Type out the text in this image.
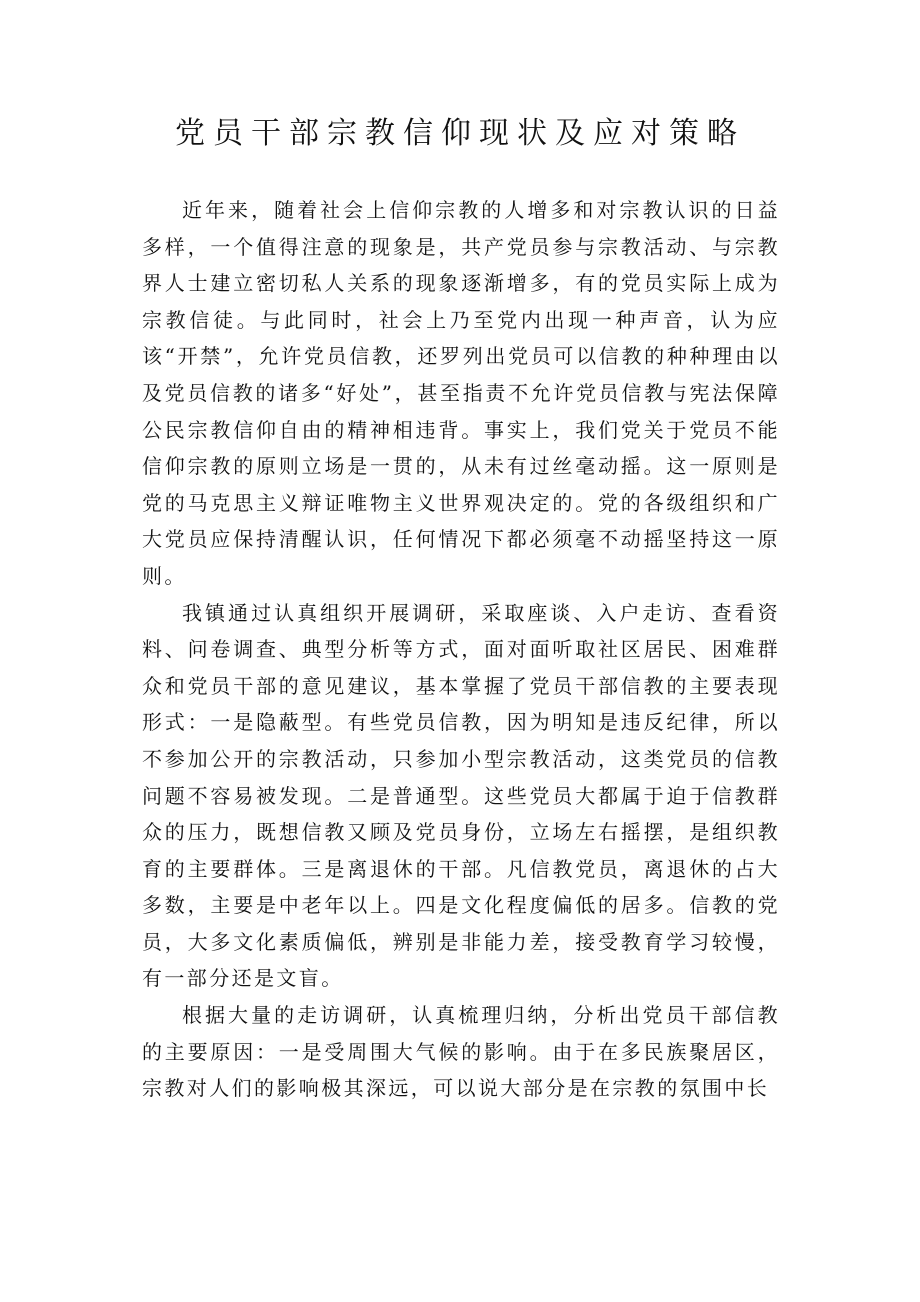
党员干部宗教信仰现状及应对策略

近年来，随着社会上信仰宗教的人增多和对宗教认识的日益多样，一个值得注意的现象是，共产党员参与宗教活动、与宗教界人士建立密切私人关系的现象逐渐增多，有的党员实际上成为宗教信徒。与此同时，社会上乃至党内出现一种声音，认为应该“开禁”，允许党员信教，还罗列出党员可以信教的种种理由以及党员信教的诸多“好处”，甚至指责不允许党员信教与宪法保障公民宗教信仰自由的精神相违背。事实上，我们党关于党员不能信仰宗教的原则立场是一贯的，从未有过丝毫动摇。这一原则是党的马克思主义辩证唯物主义世界观决定的。党的各级组织和广大党员应保持清醒认识，任何情况下都必须毫不动摇坚持这一原则。

我镇通过认真组织开展调研，采取座谈、入户走访、查看资料、问卷调查、典型分析等方式，面对面听取社区居民、困难群众和党员干部的意见建议，基本掌握了党员干部信教的主要表现形式：一是隐蔽型。有些党员信教，因为明知是违反纪律，所以不参加公开的宗教活动，只参加小型宗教活动，这类党员的信教问题不容易被发现。二是普通型。这些党员大都属于迫于信教群众的压力，既想信教又顾及党员身份，立场左右摇摆，是组织教育的主要群体。三是离退休的干部。凡信教党员，离退休的占大多数，主要是中老年以上。四是文化程度偏低的居多。信教的党员，大多文化素质偏低，辨别是非能力差，接受教育学习较慢，有一部分还是文盲。

根据大量的走访调研，认真梳理归纳，分析出党员干部信教的主要原因：一是受周围大气候的影响。由于在多民族聚居区，宗教对人们的影响极其深远，可以说大部分是在宗教的氛围中长
